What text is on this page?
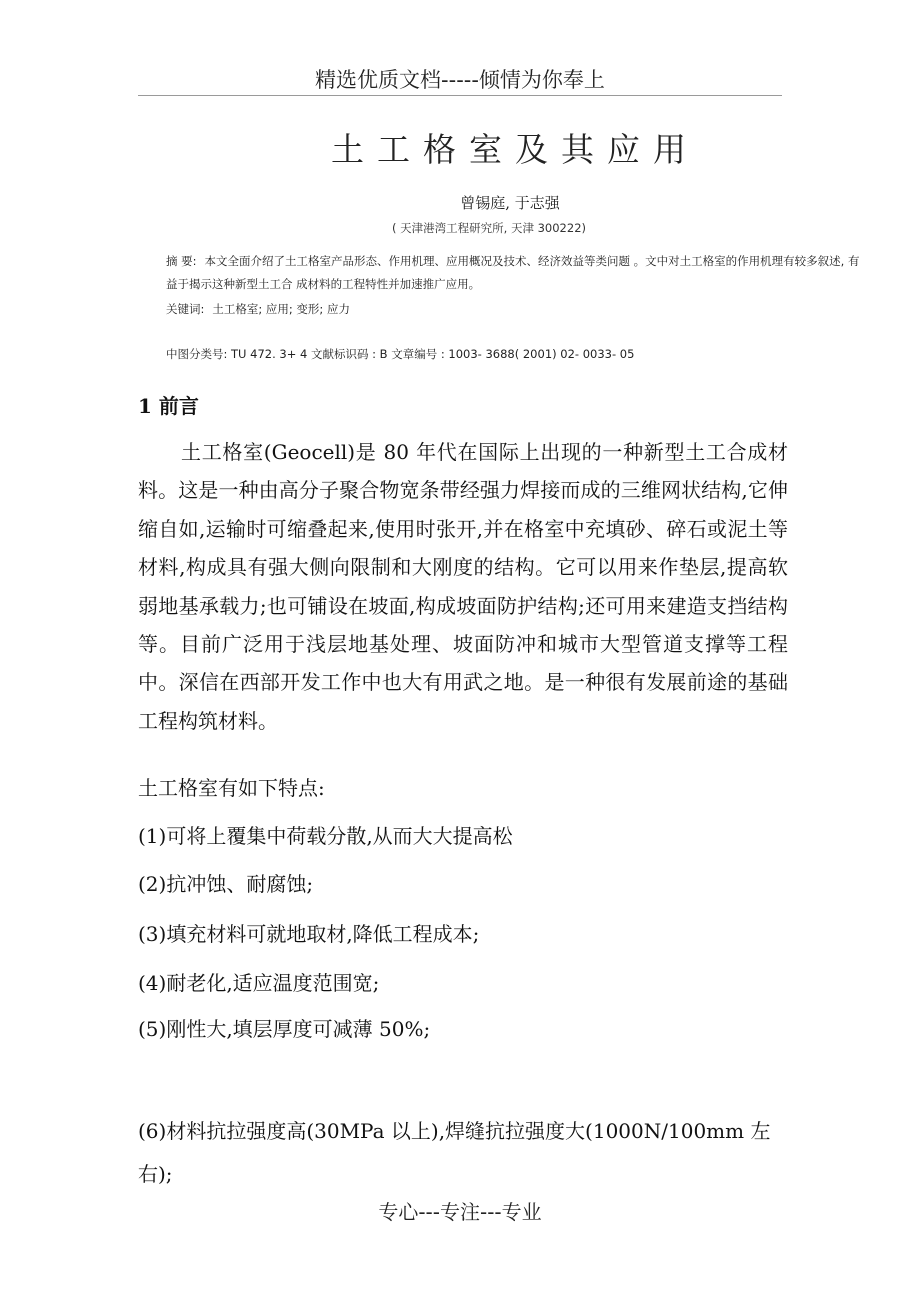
精选优质文档-----倾情为你奉上
土工格室及其应用
曾锡庭, 于志强
( 天津港湾工程研究所, 天津 300222)
摘 要: 本文全面介绍了土工格室产品形态、作用机理、应用概况及技术、经济效益等类问题 。文中对土工格室的作用机理有较多叙述, 有益于揭示这种新型土工合 成材料的工程特性并加速推广应用。
关键词: 土工格室; 应用; 变形; 应力
中图分类号: TU 472. 3+ 4 文献标识码 : B 文章编号 : 1003- 3688( 2001) 02- 0033- 05
1 前言
土工格室(Geocell)是 80 年代在国际上出现的一种新型土工合成材料。这是一种由高分子聚合物宽条带经强力焊接而成的三维网状结构,它伸缩自如,运输时可缩叠起来,使用时张开,并在格室中充填砂、碎石或泥土等材料,构成具有强大侧向限制和大刚度的结构。它可以用来作垫层,提高软弱地基承载力;也可铺设在坡面,构成坡面防护结构;还可用来建造支挡结构等。目前广泛用于浅层地基处理、坡面防冲和城市大型管道支撑等工程中。深信在西部开发工作中也大有用武之地。是一种很有发展前途的基础工程构筑材料。
土工格室有如下特点:
(1)可将上覆集中荷载分散,从而大大提高松
(2)抗冲蚀、耐腐蚀;
(3)填充材料可就地取材,降低工程成本;
(4)耐老化,适应温度范围宽;
(5)刚性大,填层厚度可减薄 50%;
(6)材料抗拉强度高(30MPa 以上),焊缝抗拉强度大(1000N/100mm 左右);
专心---专注---专业
